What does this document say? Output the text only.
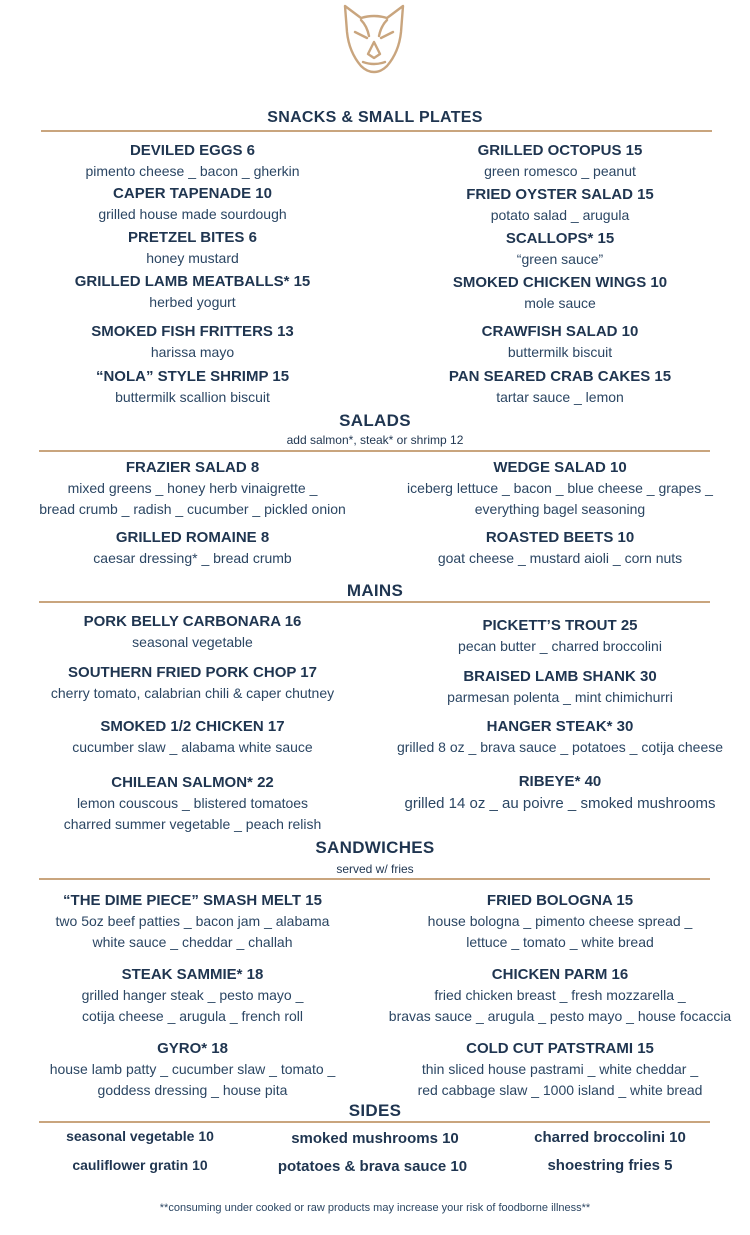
SNACKS & SMALL PLATES
DEVILED EGGS 6
pimento cheese _ bacon _ gherkin
CAPER TAPENADE 10
grilled house made sourdough
PRETZEL BITES 6
honey mustard
GRILLED LAMB MEATBALLS* 15
herbed yogurt
SMOKED FISH FRITTERS 13
harissa mayo
“NOLA” STYLE SHRIMP 15
buttermilk scallion biscuit
GRILLED OCTOPUS 15
green romesco _ peanut
FRIED OYSTER SALAD 15
potato salad _ arugula
SCALLOPS* 15
“green sauce”
SMOKED CHICKEN WINGS 10
mole sauce
CRAWFISH SALAD 10
buttermilk biscuit
PAN SEARED CRAB CAKES 15
tartar sauce _ lemon
SALADS
add salmon*, steak* or shrimp 12
FRAZIER SALAD 8
mixed greens _ honey herb vinaigrette _
bread crumb _ radish _ cucumber _ pickled onion
GRILLED ROMAINE 8
caesar dressing* _ bread crumb
WEDGE SALAD 10
iceberg lettuce _ bacon _ blue cheese _ grapes _
everything bagel seasoning
ROASTED BEETS 10
goat cheese _ mustard aioli _ corn nuts
MAINS
PORK BELLY CARBONARA 16
seasonal vegetable
SOUTHERN FRIED PORK CHOP 17
cherry tomato, calabrian chili & caper chutney
SMOKED 1/2 CHICKEN 17
cucumber slaw _ alabama white sauce
CHILEAN SALMON* 22
lemon couscous _ blistered tomatoes
charred summer vegetable _ peach relish
PICKETT’S TROUT 25
pecan butter _ charred broccolini
BRAISED LAMB SHANK 30
parmesan polenta _ mint chimichurri
HANGER STEAK* 30
grilled 8 oz _ brava sauce _ potatoes _ cotija cheese
RIBEYE* 40
grilled 14 oz _ au poivre _ smoked mushrooms
SANDWICHES
served w/ fries
“THE DIME PIECE” SMASH MELT 15
two 5oz beef patties _ bacon jam _ alabama
white sauce _ cheddar _ challah
STEAK SAMMIE* 18
grilled hanger steak _ pesto mayo _
cotija cheese _ arugula _ french roll
GYRO* 18
house lamb patty _ cucumber slaw _ tomato _
goddess dressing _ house pita
FRIED BOLOGNA 15
house bologna _ pimento cheese spread _
lettuce _ tomato _ white bread
CHICKEN PARM 16
fried chicken breast _ fresh mozzarella _
bravas sauce _ arugula _ pesto mayo _ house focaccia
COLD CUT PATSTRAMI 15
thin sliced house pastrami _ white cheddar _
red cabbage slaw _ 1000 island _ white bread
SIDES
seasonal vegetable 10	smoked mushrooms 10	charred broccolini 10
cauliflower gratin 10	potatoes & brava sauce 10	shoestring fries 5
**consuming under cooked or raw products may increase your risk of foodborne illness**
